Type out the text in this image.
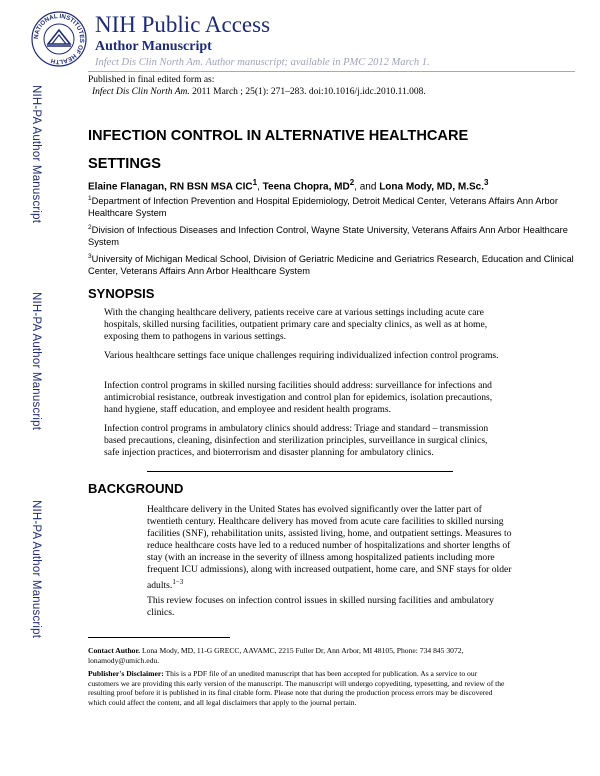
NATIONAL INSTITUTES OF HEALTH
NIH Public Access
Author Manuscript
Infect Dis Clin North Am. Author manuscript; available in PMC 2012 March 1.
NIH-PA Author Manuscript
NIH-PA Author Manuscript
NIH-PA Author Manuscript
Published in final edited form as:
Infect Dis Clin North Am. 2011 March ; 25(1): 271–283. doi:10.1016/j.idc.2010.11.008.
INFECTION CONTROL IN ALTERNATIVE HEALTHCARE SETTINGS
Elaine Flanagan, RN BSN MSA CIC$^1$, Teena Chopra, $MD^2$, and Lona Mody, MD, M.Sc.$^3$
$^1$Department of Infection Prevention and Hospital Epidemiology, Detroit Medical Center, Veterans Affairs Ann Arbor Healthcare System
$^2$Division of Infectious Diseases and Infection Control, Wayne State University, Veterans Affairs Ann Arbor Healthcare System
$^3$University of Michigan Medical School, Division of Geriatric Medicine and Geriatrics Research, Education and Clinical Center, Veterans Affairs Ann Arbor Healthcare System
SYNOPSIS
With the changing healthcare delivery, patients receive care at various settings including acute care hospitals, skilled nursing facilities, outpatient primary care and specialty clinics, as well as at home, exposing them to pathogens in various settings.
Various healthcare settings face unique challenges requiring individualized infection control programs.
Infection control programs in skilled nursing facilities should address: surveillance for infections and antimicrobial resistance, outbreak investigation and control plan for epidemics, isolation precautions, hand hygiene, staff education, and employee and resident health programs.
Infection control programs in ambulatory clinics should address: Triage and standard – transmission based precautions, cleaning, disinfection and sterilization principles, surveillance in surgical clinics, safe injection practices, and bioterrorism and disaster planning for ambulatory clinics.
BACKGROUND
Healthcare delivery in the United States has evolved significantly over the latter part of twentieth century. Healthcare delivery has moved from acute care facilities to skilled nursing facilities (SNF), rehabilitation units, assisted living, home, and outpatient settings. Measures to reduce healthcare costs have led to a reduced number of hospitalizations and shorter lengths of stay (with an increase in the severity of illness among hospitalized patients including more frequent ICU admissions), along with increased outpatient, home care, and SNF stays for older adults.$^{1-3}$
This review focuses on infection control issues in skilled nursing facilities and ambulatory clinics.
Contact Author. Lona Mody, MD, 11-G GRECC, AAVAMC, 2215 Fuller Dr, Ann Arbor, MI 48105, Phone: 734 845 3072, lonamody@umich.edu.
Publisher's Disclaimer: This is a PDF file of an unedited manuscript that has been accepted for publication. As a service to our customers we are providing this early version of the manuscript. The manuscript will undergo copyediting, typesetting, and review of the resulting proof before it is published in its final citable form. Please note that during the production process errors may be discovered which could affect the content, and all legal disclaimers that apply to the journal pertain.
